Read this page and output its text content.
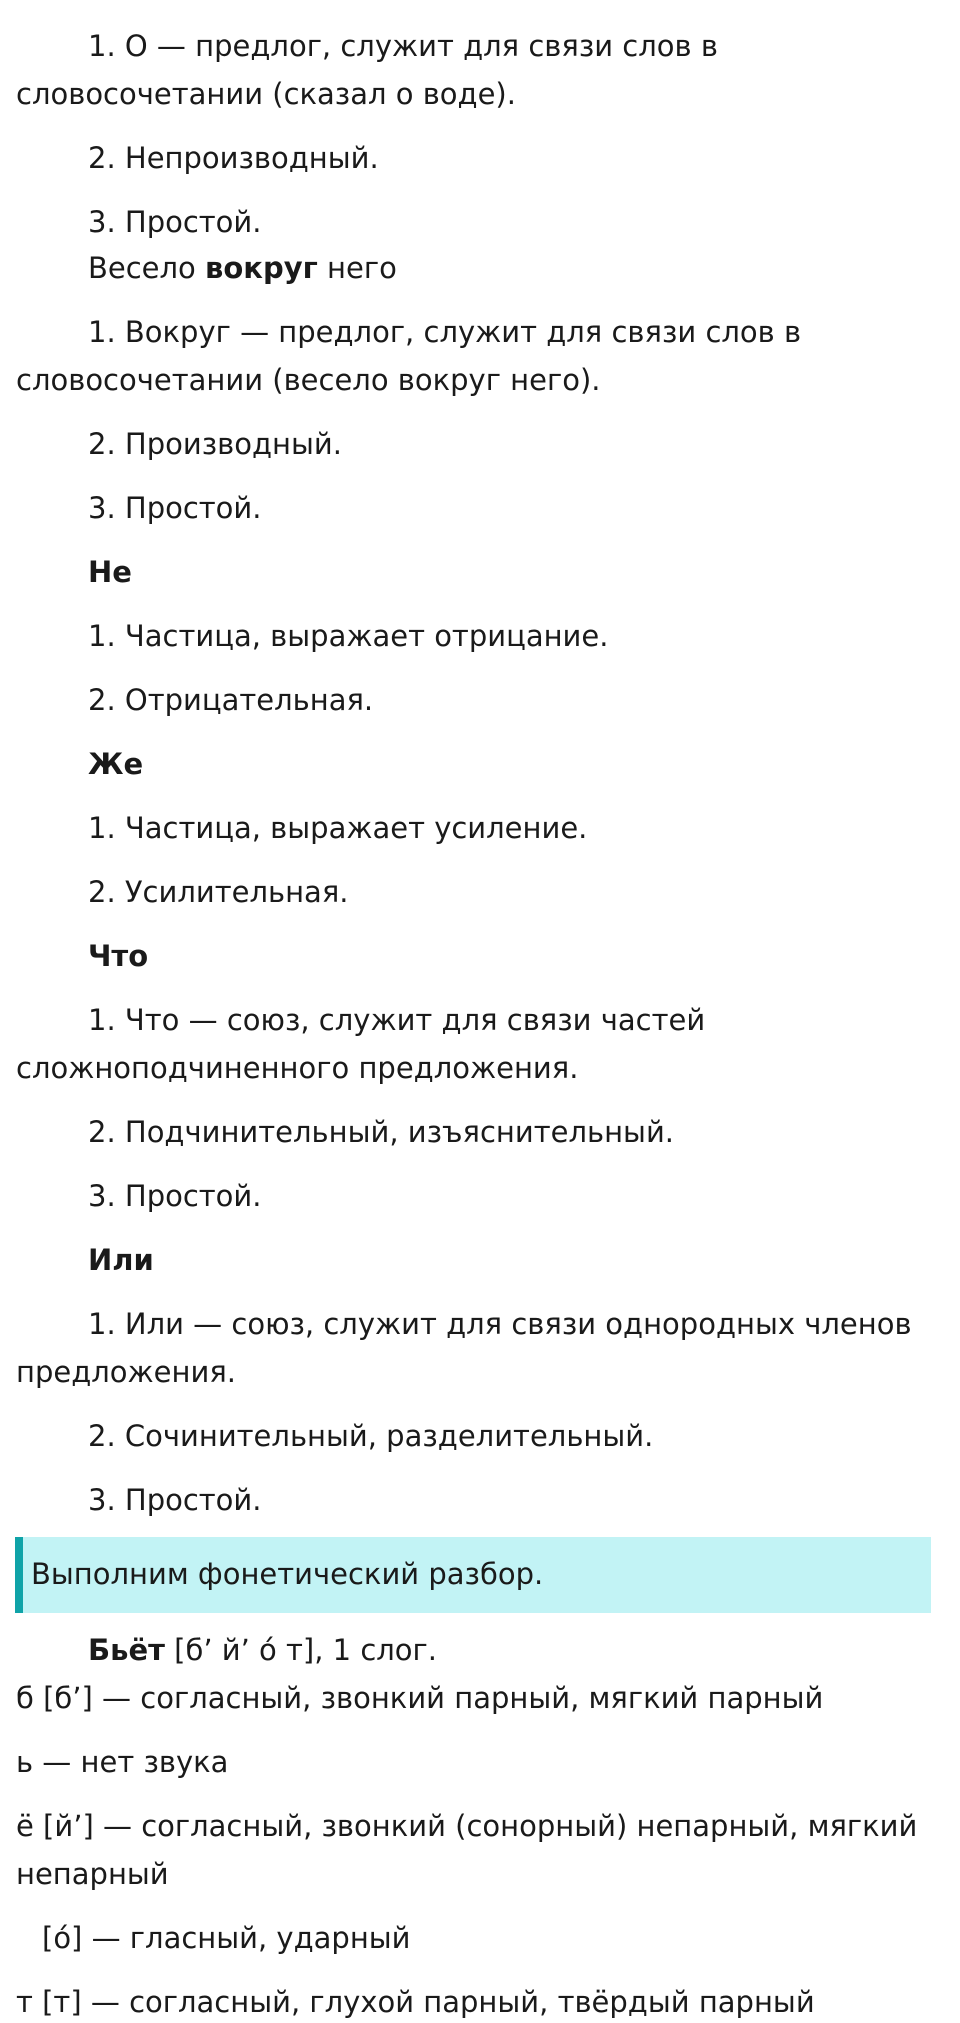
1. О — предлог, служит для связи слов в
словосочетании (сказал о воде).
2. Непроизводный.
3. Простой.
Весело вокруг него
1. Вокруг — предлог, служит для связи слов в
словосочетании (весело вокруг него).
2. Производный.
3. Простой.
Не
1. Частица, выражает отрицание.
2. Отрицательная.
Же
1. Частица, выражает усиление.
2. Усилительная.
Что
1. Что — союз, служит для связи частей
сложноподчиненного предложения.
2. Подчинительный, изъяснительный.
3. Простой.
Или
1. Или — союз, служит для связи однородных членов
предложения.
2. Сочинительный, разделительный.
3. Простой.
Выполним фонетический разбор.
Бьёт [б’ й’ о́ т], 1 слог.
б [б’] — согласный, звонкий парный, мягкий парный
ь — нет звука
ё [й’] — согласный, звонкий (сонорный) непарный, мягкий
непарный
[о́] — гласный, ударный
т [т] — согласный, глухой парный, твёрдый парный
